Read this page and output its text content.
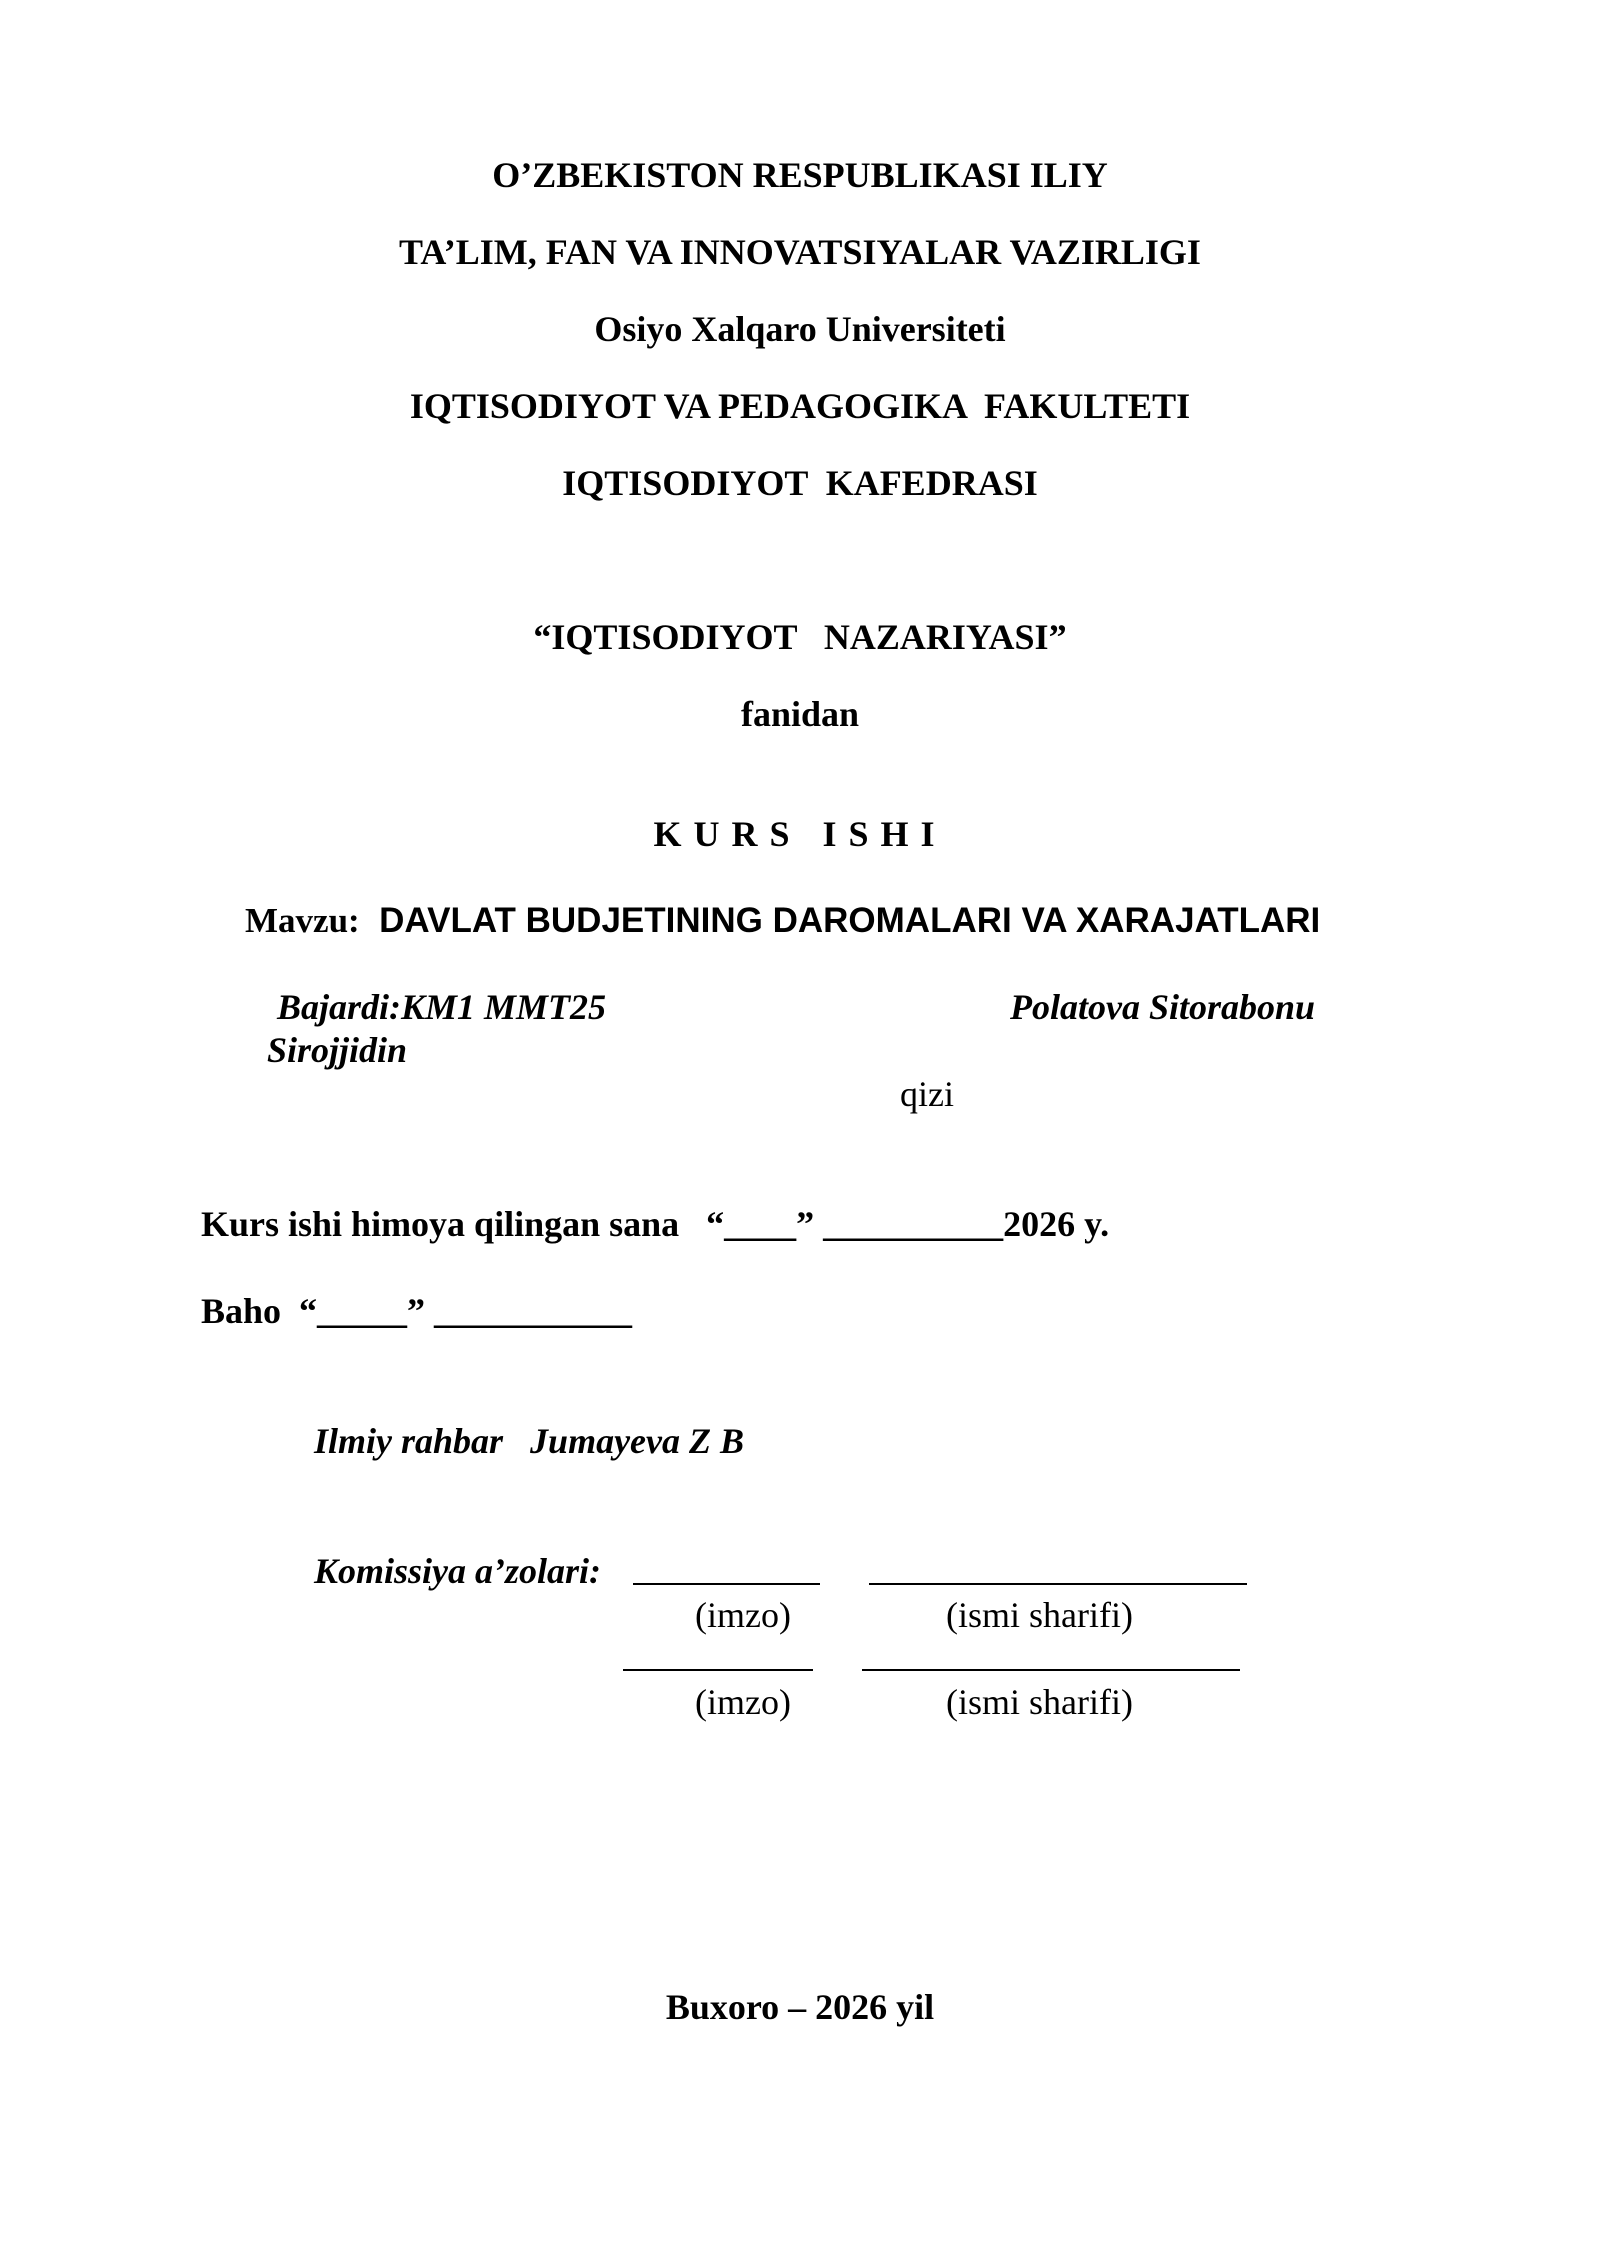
O’ZBEKISTON RESPUBLIKASI ILIY
TA’LIM, FAN VA INNOVATSIYALAR VAZIRLIGI
Osiyo Xalqaro Universiteti
IQTISODIYOT VA PEDAGOGIKA  FAKULTETI
IQTISODIYOT  KAFEDRASI
“IQTISODIYOT   NAZARIYASI”
fanidan
KURS ISHI
Mavzu: DAVLAT BUDJETINING DAROMALARI VA XARAJATLARI
Bajardi:KM1 MMT25	Polatova Sitorabonu
Sirojjidin
qizi
Kurs ishi himoya qilingan sana “____” __________2026 y.
Baho “_____” ___________
Ilmiy rahbar Jumayeva Z B
Komissiya a’zolari:
(imzo)	(ismi sharifi)
(imzo)	(ismi sharifi)
Buxoro – 2026 yil
